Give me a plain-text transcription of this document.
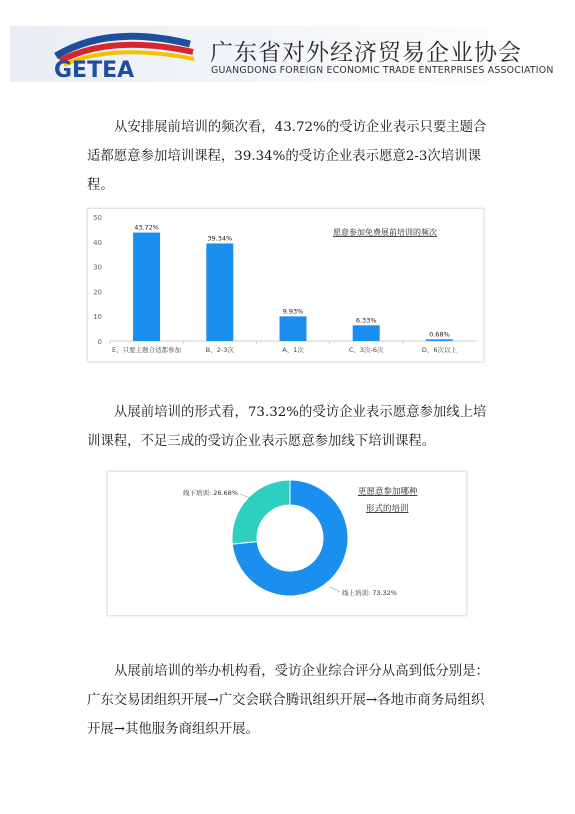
GETEA
广东省对外经济贸易企业协会
GUANGDONG FOREIGN ECONOMIC TRADE ENTERPRISES ASSOCIATION

从安排展前培训的频次看，43.72%的受访企业表示只要主题合适都愿意参加培训课程，39.34%的受访企业表示愿意2-3次培训课程。

0
10
20
30
40
50
43.72%
E、只要主题合适都参加
39.34%
B、2-3次
9.93%
A、1次
6.33%
C、3次-6次
0.68%
D、6次以上
愿意参加免费展前培训的频次

从展前培训的形式看，73.32%的受访企业表示愿意参加线上培训课程，不足三成的受访企业表示愿意参加线下培训课程。

线上培训: 73.32%
线下培训: 26.68%	更愿意参加哪种
形式的培训

从展前培训的举办机构看，受访企业综合评分从高到低分别是：广东交易团组织开展→广交会联合腾讯组织开展→各地市商务局组织开展→其他服务商组织开展。
